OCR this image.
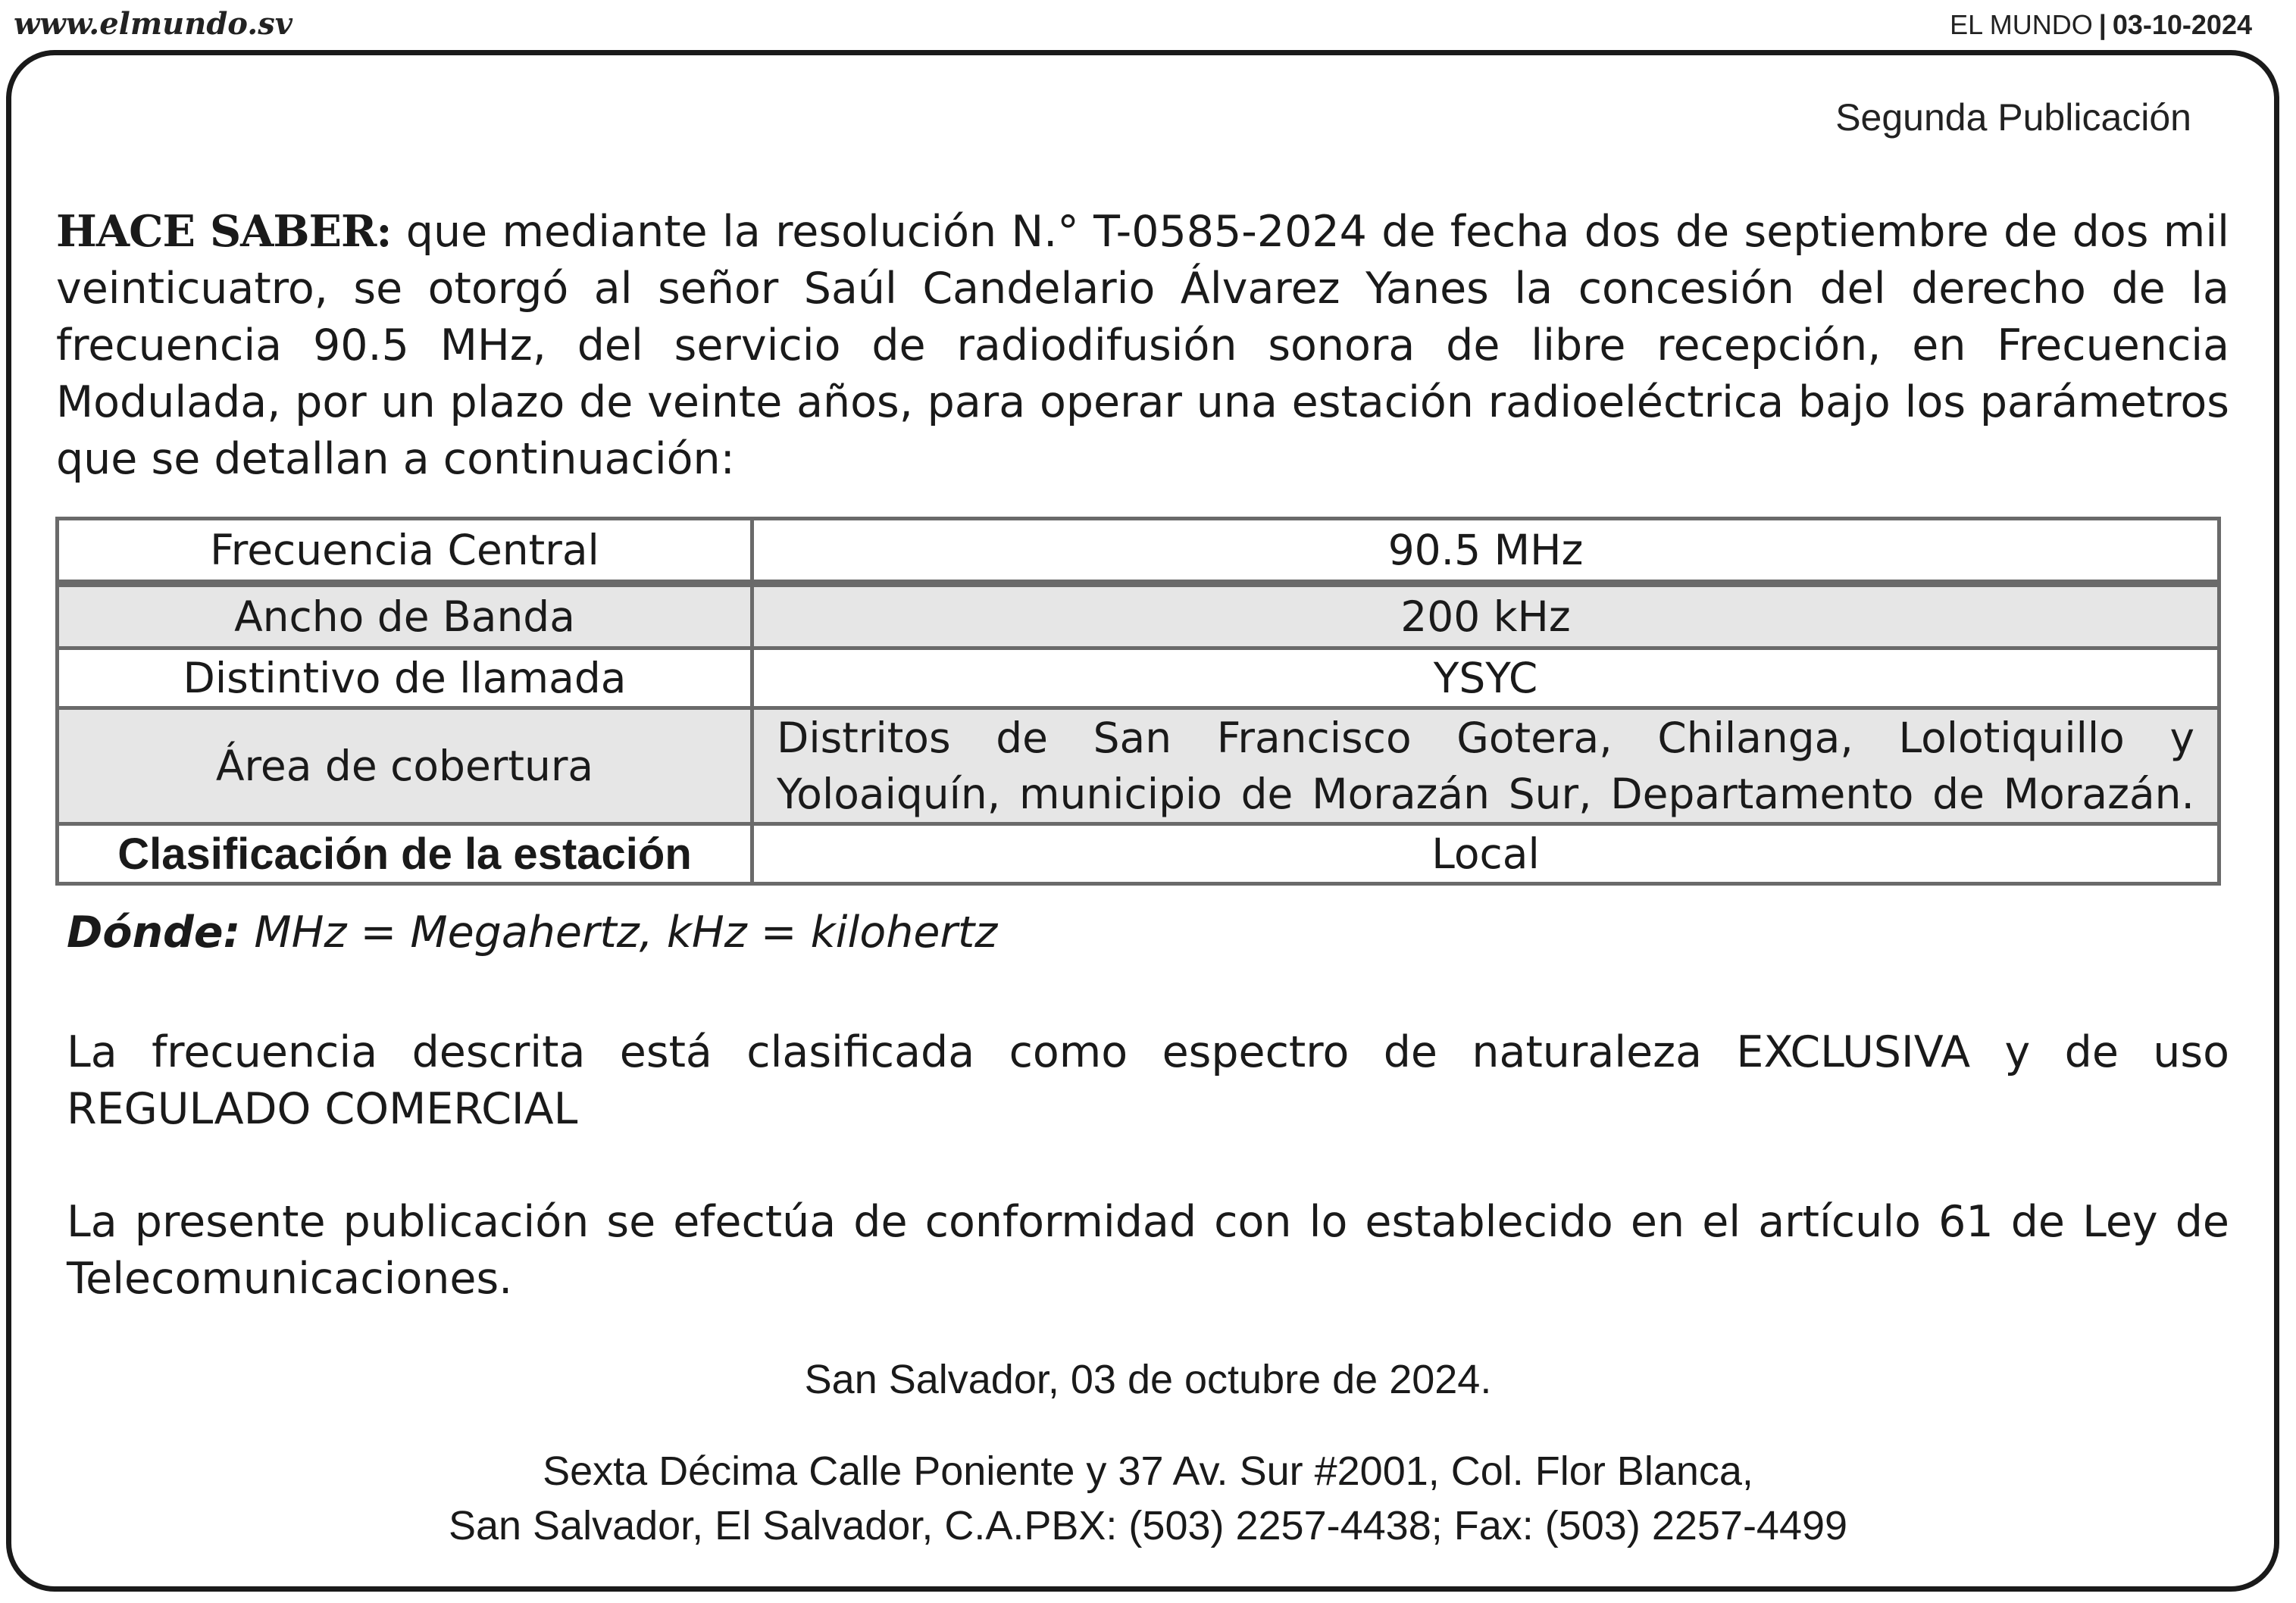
www.elmundo.sv	EL MUNDO | 03-10-2024
Segunda Publicación

HACE SABER: que mediante la resolución N.° T-0585-2024 de fecha dos de septiembre de dos mil veinticuatro, se otorgó al señor Saúl Candelario Álvarez Yanes la concesión del derecho de la frecuencia 90.5 MHz, del servicio de radiodifusión sonora de libre recepción, en Frecuencia Modulada, por un plazo de veinte años, para operar una estación radioeléctrica bajo los parámetros que se detallan a continuación:

Frecuencia Central	90.5 MHz
Ancho de Banda	200 kHz
Distintivo de llamada	YSYC
Área de cobertura	Distritos de San Francisco Gotera, Chilanga, Lolotiquillo y Yoloaiquín, municipio de Morazán Sur, Departamento de Morazán.
Clasificación de la estación	Local
Dónde: MHz = Megahertz, kHz = kilohertz

La frecuencia descrita está clasificada como espectro de naturaleza EXCLUSIVA y de uso REGULADO COMERCIAL

La presente publicación se efectúa de conformidad con lo establecido en el artículo 61 de Ley de Telecomunicaciones.

San Salvador, 03 de octubre de 2024.
Sexta Décima Calle Poniente y 37 Av. Sur #2001, Col. Flor Blanca,
San Salvador, El Salvador, C.A.PBX: (503) 2257-4438; Fax: (503) 2257-4499
